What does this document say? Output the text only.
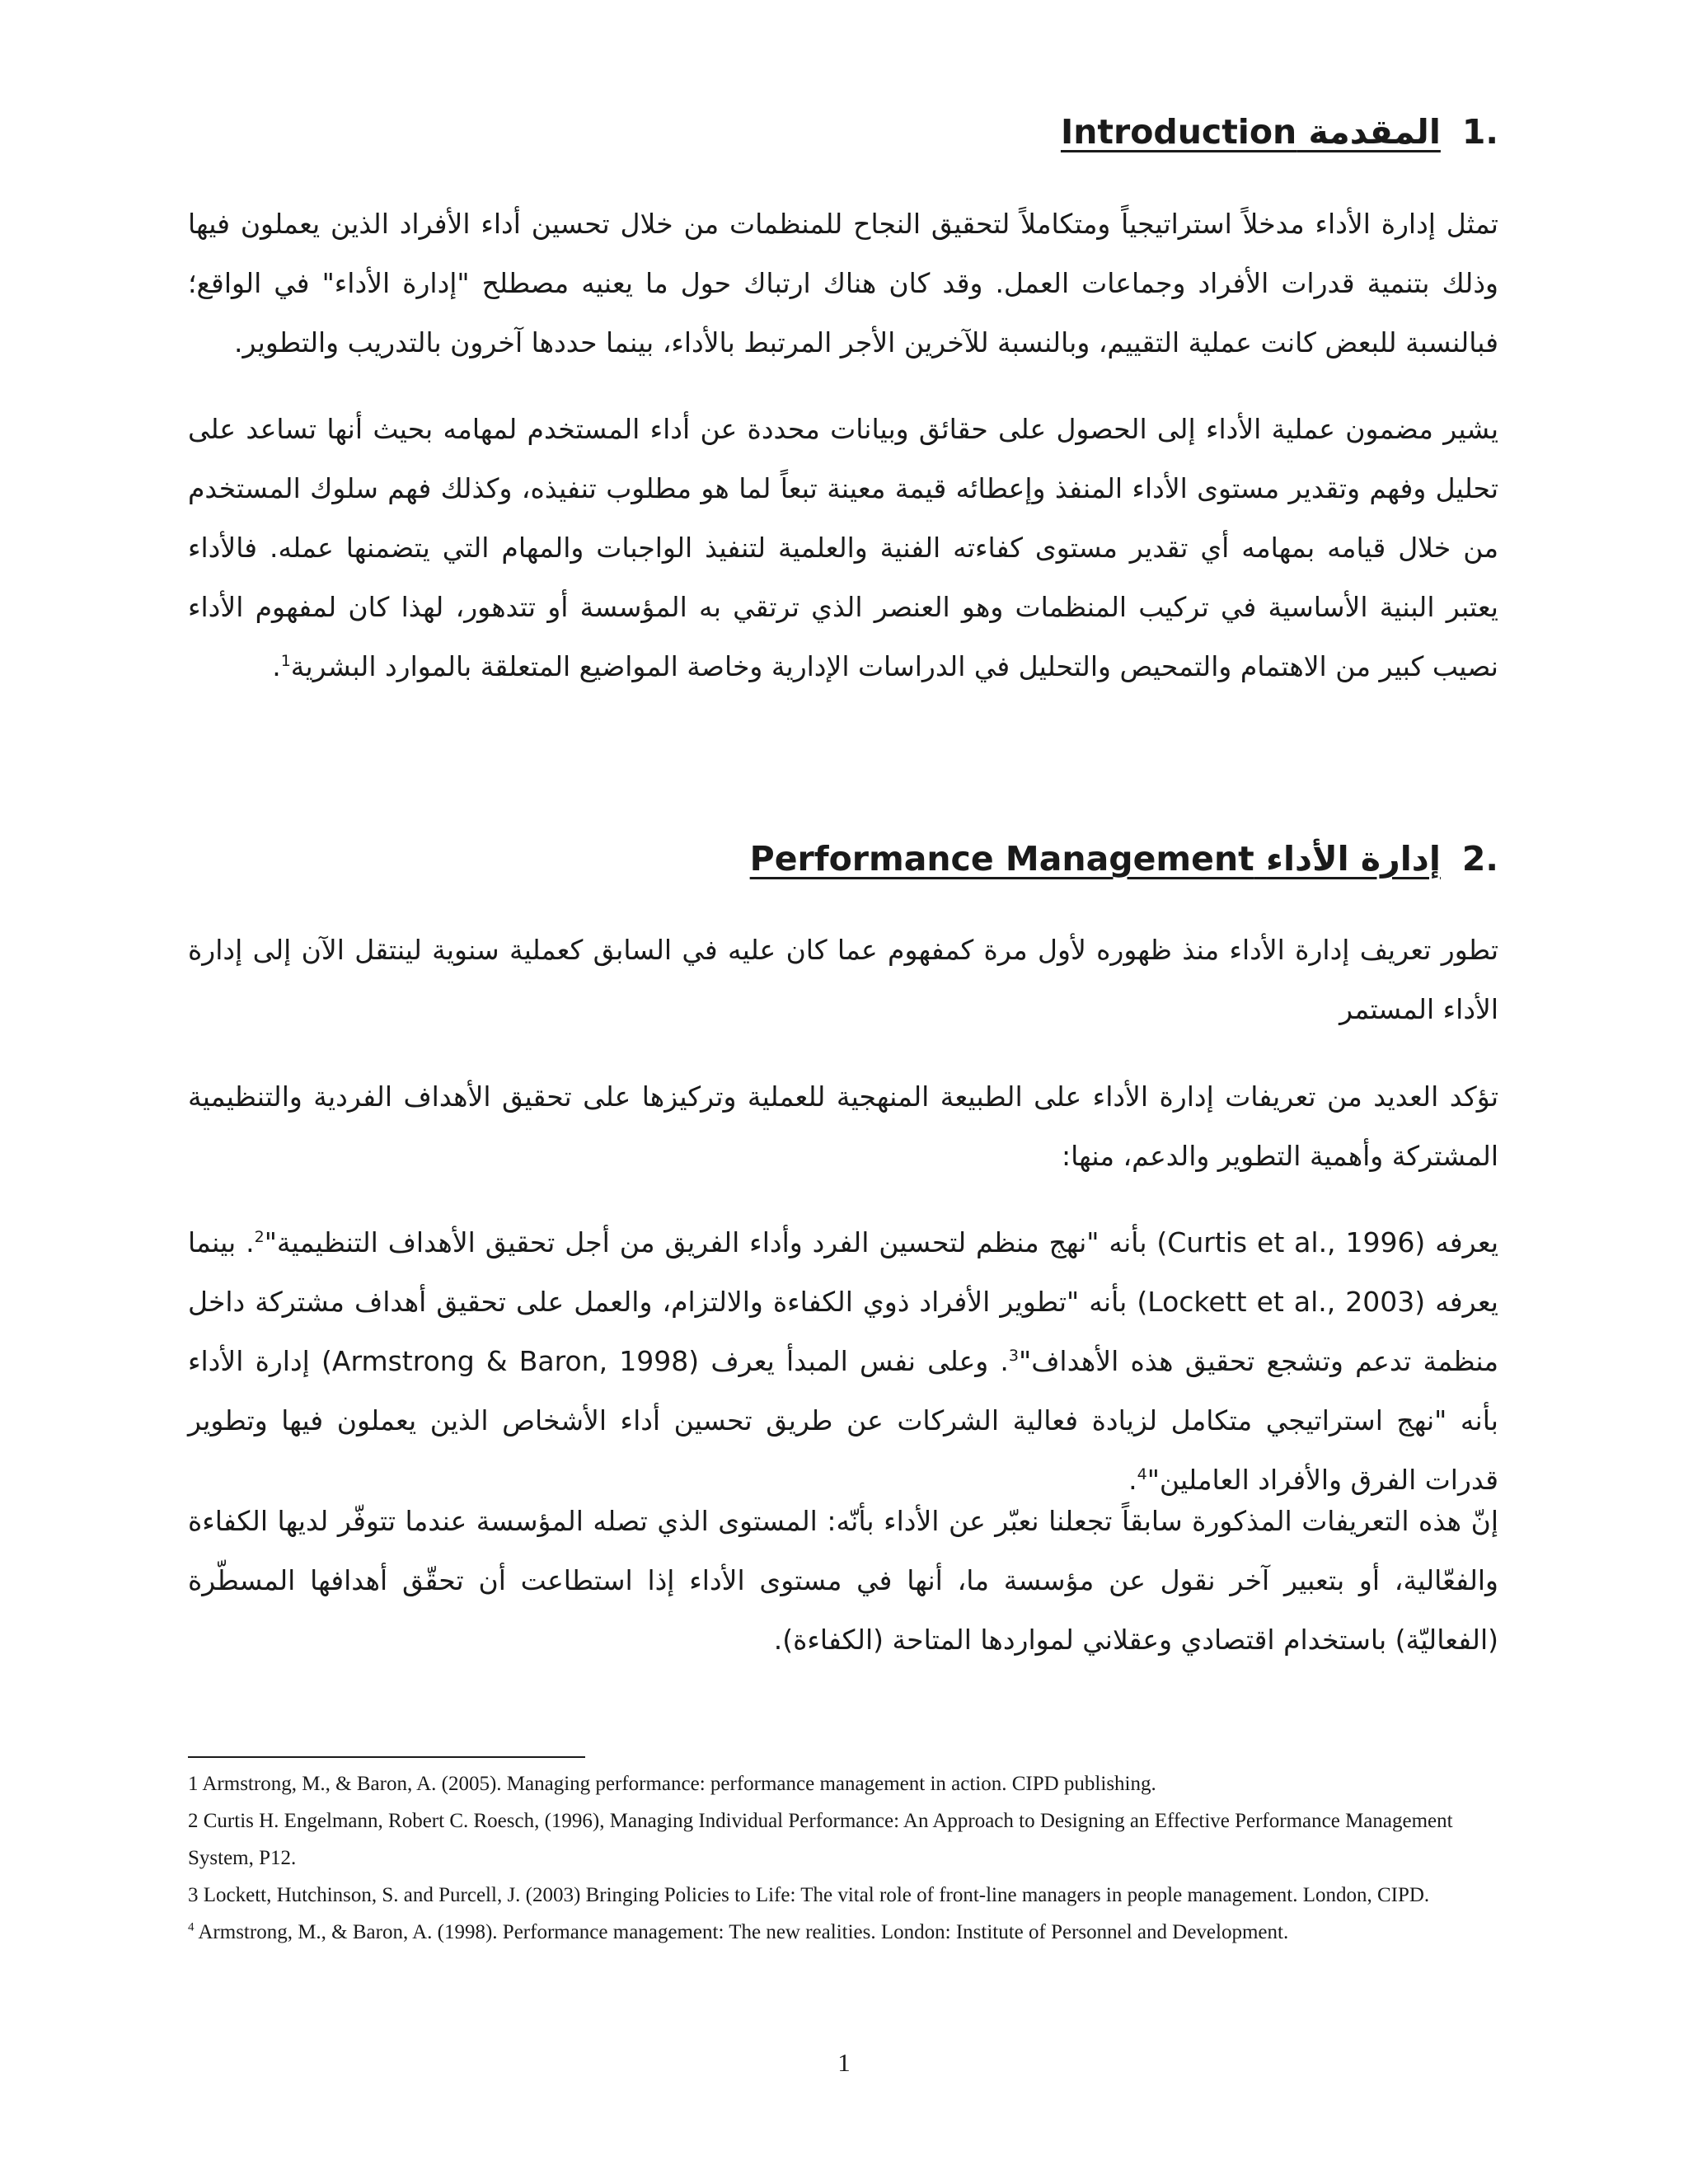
.1المقدمة Introduction

تمثل إدارة الأداء مدخلاً استراتيجياً ومتكاملاً لتحقيق النجاح للمنظمات من خلال تحسين أداء الأفراد الذين يعملون فيها وذلك بتنمية قدرات الأفراد وجماعات العمل. وقد كان هناك ارتباك حول ما يعنيه مصطلح "إدارة الأداء" في الواقع؛ فبالنسبة للبعض كانت عملية التقييم، وبالنسبة للآخرين الأجر المرتبط بالأداء، بينما حددها آخرون بالتدريب والتطوير.

يشير مضمون عملية الأداء إلى الحصول على حقائق وبيانات محددة عن أداء المستخدم لمهامه بحيث أنها تساعد على تحليل وفهم وتقدير مستوى الأداء المنفذ وإعطائه قيمة معينة تبعاً لما هو مطلوب تنفيذه، وكذلك فهم سلوك المستخدم من خلال قيامه بمهامه أي تقدير مستوى كفاءته الفنية والعلمية لتنفيذ الواجبات والمهام التي يتضمنها عمله. فالأداء يعتبر البنية الأساسية في تركيب المنظمات وهو العنصر الذي ترتقي به المؤسسة أو تتدهور، لهذا كان لمفهوم الأداء نصيب كبير من الاهتمام والتمحيص والتحليل في الدراسات الإدارية وخاصة المواضيع المتعلقة بالموارد البشرية$^1$.

.2إدارة الأداء Performance Management

تطور تعريف إدارة الأداء منذ ظهوره لأول مرة كمفهوم عما كان عليه في السابق كعملية سنوية لينتقل الآن إلى إدارة الأداء المستمر

تؤكد العديد من تعريفات إدارة الأداء على الطبيعة المنهجية للعملية وتركيزها على تحقيق الأهداف الفردية والتنظيمية المشتركة وأهمية التطوير والدعم، منها:

يعرفه (Curtis et al., 1996) بأنه "نهج منظم لتحسين الفرد وأداء الفريق من أجل تحقيق الأهداف التنظيمية"$^2$. بينما يعرفه (Lockett et al., 2003) بأنه "تطوير الأفراد ذوي الكفاءة والالتزام، والعمل على تحقيق أهداف مشتركة داخل منظمة تدعم وتشجع تحقيق هذه الأهداف"$^3$. وعلى نفس المبدأ يعرف (Armstrong & Baron, 1998) إدارة الأداء بأنه "نهج استراتيجي متكامل لزيادة فعالية الشركات عن طريق تحسين أداء الأشخاص الذين يعملون فيها وتطوير قدرات الفرق والأفراد العاملين"$^4$.

إنّ هذه التعريفات المذكورة سابقاً تجعلنا نعبّر عن الأداء بأنّه: المستوى الذي تصله المؤسسة عندما تتوفّر لديها الكفاءة والفعّالية، أو بتعبير آخر نقول عن مؤسسة ما، أنها في مستوى الأداء إذا استطاعت أن تحقّق أهدافها المسطّرة (الفعاليّة) باستخدام اقتصادي وعقلاني لمواردها المتاحة (الكفاءة).

1 Armstrong, M., & Baron, A. (2005). Managing performance: performance management in action. CIPD publishing.

2 Curtis H. Engelmann, Robert C. Roesch, (1996), Managing Individual Performance: An Approach to Designing an Effective Performance Management System, P12.

3 Lockett, Hutchinson, S. and Purcell, J. (2003) Bringing Policies to Life: The vital role of front-line managers in people management. London, CIPD.

$^4$ Armstrong, M., & Baron, A. (1998). Performance management: The new realities. London: Institute of Personnel and Development.

1
